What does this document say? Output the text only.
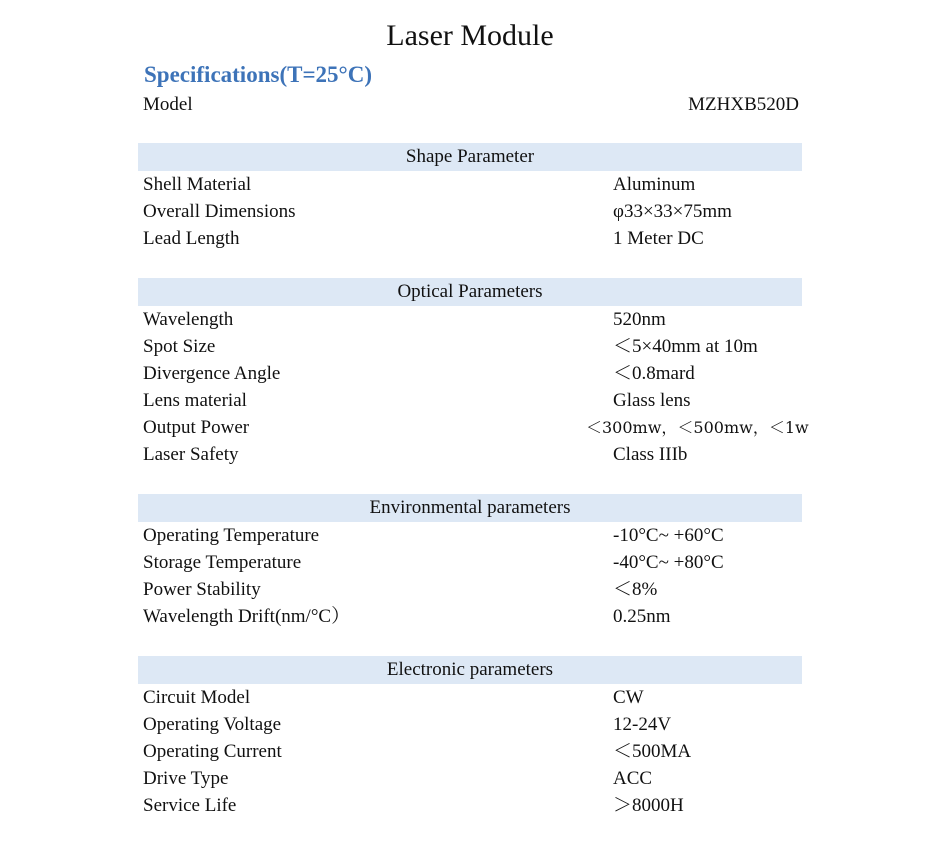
Laser Module
Specifications(T=25°C)
Model	MZHXB520D
Shape Parameter
Shell Material	Aluminum
Overall Dimensions	φ33×33×75mm
Lead Length	1 Meter DC
Optical Parameters
Wavelength	520nm
Spot Size	＜5×40mm at 10m
Divergence Angle	＜0.8mard
Lens material	Glass lens
Output Power	＜300mw，＜500mw，＜1w
Laser Safety	Class IIIb
Environmental parameters
Operating Temperature	-10°C~ +60°C
Storage Temperature	-40°C~ +80°C
Power Stability	＜8%
Wavelength Drift(nm/°C）	0.25nm
Electronic parameters
Circuit Model	CW
Operating Voltage	12-24V
Operating Current	＜500MA
Drive Type	ACC
Service Life	＞8000H
